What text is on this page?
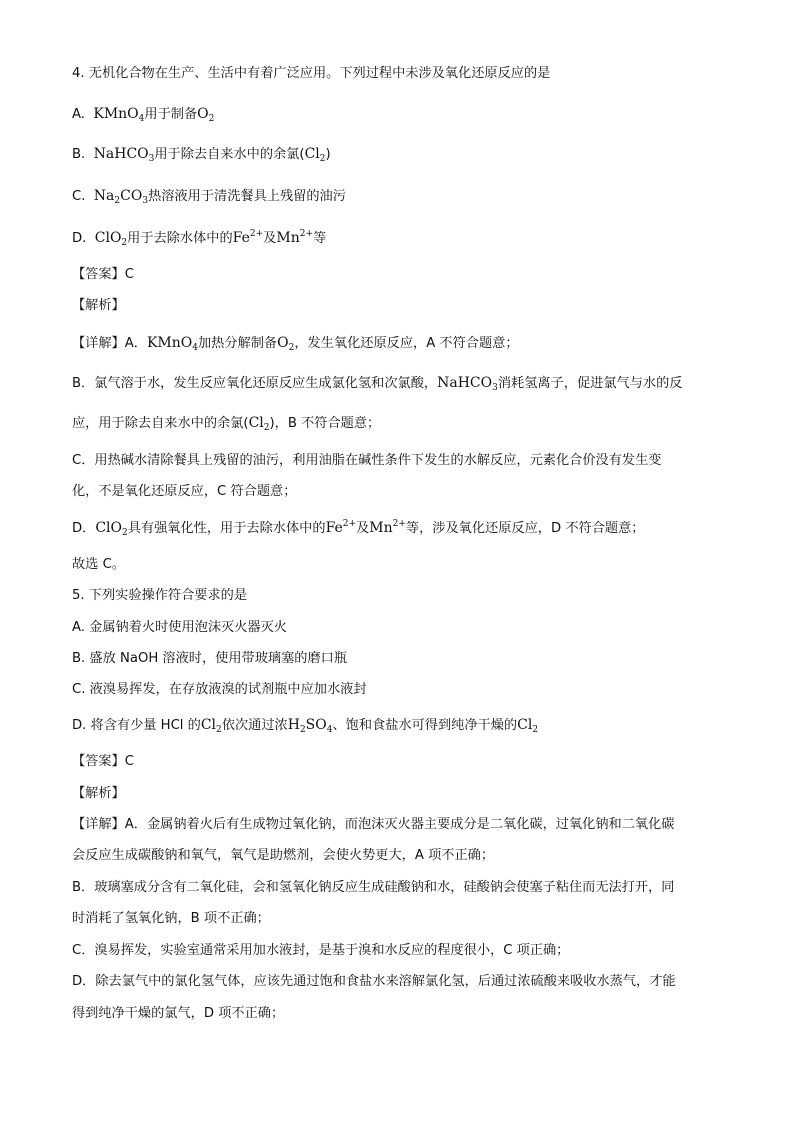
4. 无机化合物在生产、生活中有着广泛应用。下列过程中未涉及氧化还原反应的是
A. KMnO$_4$用于制备$O_2$
B. NaHCO$_3$用于除去自来水中的余氯$(Cl_2)$
C. $Na_2CO_3$热溶液用于清洗餐具上残留的油污
D. ClO$_2$用于去除水体中的$Fe^{2+}$及$Mn^{2+}$等
【答案】C
【解析】
【详解】A．KMnO$_4$加热分解制备$O_2$，发生氧化还原反应，A 不符合题意；
B．氯气溶于水，发生反应氧化还原反应生成氯化氢和次氯酸，NaHCO$_3$消耗氢离子，促进氯气与水的反
应，用于除去自来水中的余氯$(Cl_2)$，B 不符合题意；
C．用热碱水清除餐具上残留的油污，利用油脂在碱性条件下发生的水解反应，元素化合价没有发生变
化，不是氧化还原反应，C 符合题意；
D．ClO$_2$具有强氧化性，用于去除水体中的$Fe^{2+}$及$Mn^{2+}$等，涉及氧化还原反应，D 不符合题意；
故选 C。
5. 下列实验操作符合要求的是
A. 金属钠着火时使用泡沫灭火器灭火
B. 盛放 NaOH 溶液时，使用带玻璃塞的磨口瓶
C. 液溴易挥发，在存放液溴的试剂瓶中应加水液封
D. 将含有少量 HCl 的$Cl_2$依次通过浓$H_2SO_4$、饱和食盐水可得到纯净干燥的$Cl_2$
【答案】C
【解析】
【详解】A．金属钠着火后有生成物过氧化钠，而泡沫灭火器主要成分是二氧化碳，过氧化钠和二氧化碳
会反应生成碳酸钠和氧气，氧气是助燃剂，会使火势更大，A 项不正确；
B．玻璃塞成分含有二氧化硅，会和氢氧化钠反应生成硅酸钠和水，硅酸钠会使塞子粘住而无法打开，同
时消耗了氢氧化钠，B 项不正确；
C．溴易挥发，实验室通常采用加水液封，是基于溴和水反应的程度很小，C 项正确；
D．除去氯气中的氯化氢气体，应该先通过饱和食盐水来溶解氯化氢，后通过浓硫酸来吸收水蒸气，才能
得到纯净干燥的氯气，D 项不正确；
